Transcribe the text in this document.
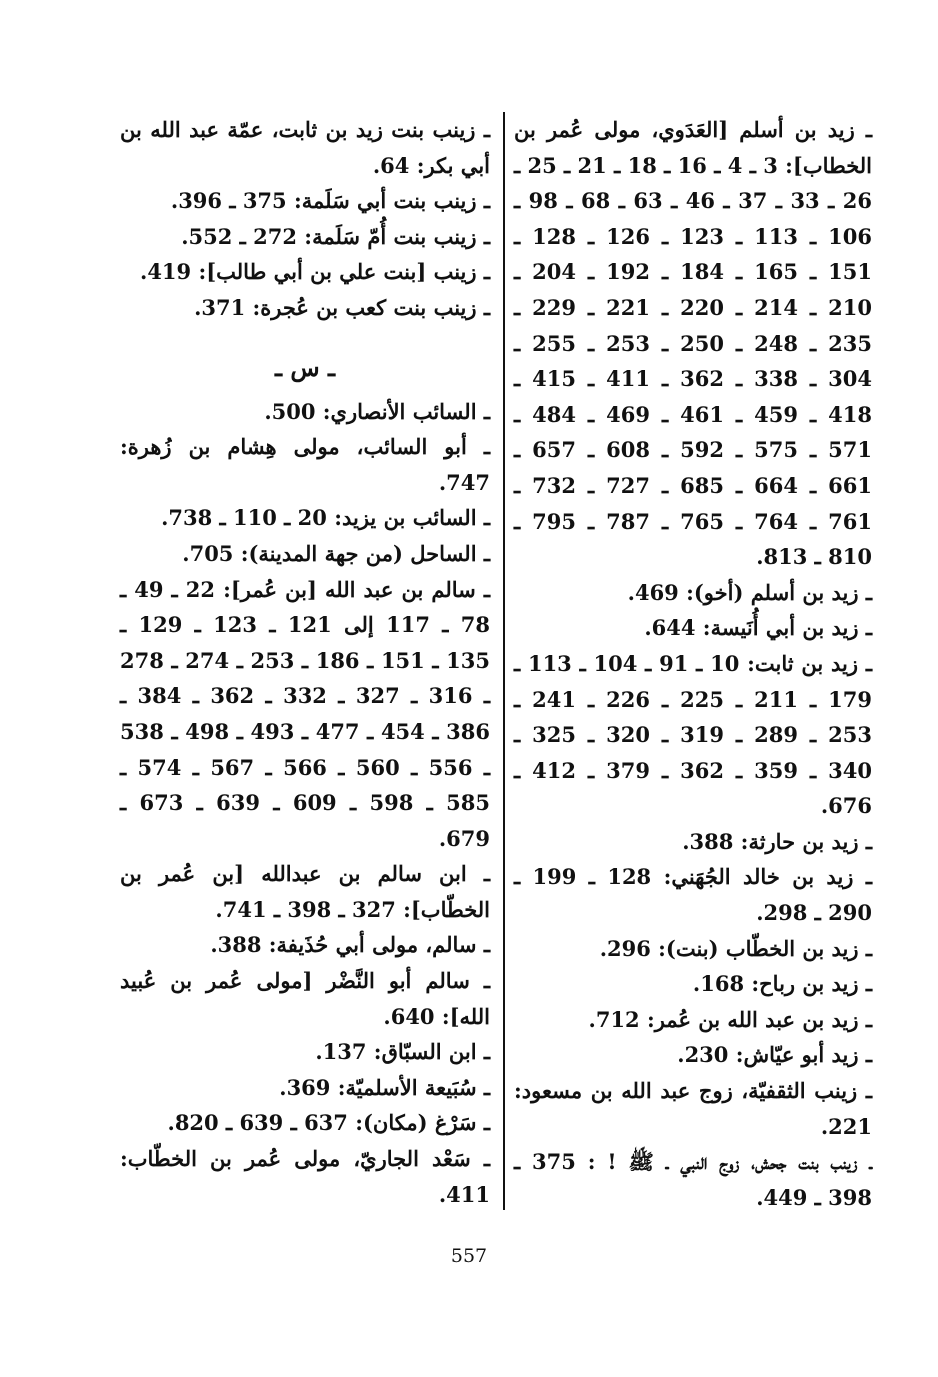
ـ زيد بن أسلم [العَدَوي، مولى عُمر بن الخطاب]: 3 ـ 4 ـ 16 ـ 18 ـ 21 ـ 25 ـ 26 ـ 33 ـ 37 ـ 46 ـ 63 ـ 68 ـ 98 ـ 106 ـ 113 ـ 123 ـ 126 ـ 128 ـ 151 ـ 165 ـ 184 ـ 192 ـ 204 ـ 210 ـ 214 ـ 220 ـ 221 ـ 229 ـ 235 ـ 248 ـ 250 ـ 253 ـ 255 ـ 304 ـ 338 ـ 362 ـ 411 ـ 415 ـ 418 ـ 459 ـ 461 ـ 469 ـ 484 ـ 571 ـ 575 ـ 592 ـ 608 ـ 657 ـ 661 ـ 664 ـ 685 ـ 727 ـ 732 ـ 761 ـ 764 ـ 765 ـ 787 ـ 795 ـ 810 ـ 813.

ـ زيد بن أسلم (أخو): 469.

ـ زيد بن أبي أُنَيسة: 644.

ـ زيد بن ثابت: 10 ـ 91 ـ 104 ـ 113 ـ 179 ـ 211 ـ 225 ـ 226 ـ 241 ـ 253 ـ 289 ـ 319 ـ 320 ـ 325 ـ 340 ـ 359 ـ 362 ـ 379 ـ 412 ـ 676.

ـ زيد بن حارثة: 388.

ـ زيد بن خالد الجُهَني: 128 ـ 199 ـ 290 ـ 298.

ـ زيد بن الخطّاب (بنت): 296.

ـ زيد بن رباح: 168.

ـ زيد بن عبد الله بن عُمر: 712.

ـ زيد أبو عيّاش: 230.

ـ زينب الثقفيّة، زوج عبد الله بن مسعود: 221.

ـ زينب بنت جحش، زوج النبي ـ ﷺ ! : 375 ـ 398 ـ 449.

ـ زينب بنت زيد بن ثابت، عمّة عبد الله بن أبي بكر: 64.

ـ زينب بنت أبي سَلَمة: 375 ـ 396.

ـ زينب بنت أُمّ سَلَمة: 272 ـ 552.

ـ زينب [بنت علي بن أبي طالب]: 419.

ـ زينب بنت كعب بن عُجرة: 371.

ـ س ـ

ـ السائب الأنصاري: 500.

ـ أبو السائب، مولى هِشام بن زُهرة: 747.

ـ السائب بن يزيد: 20 ـ 110 ـ 738.

ـ الساحل (من جهة المدينة): 705.

ـ سالم بن عبد الله [بن عُمر]: 22 ـ 49 ـ 78 ـ 117 إلى 121 ـ 123 ـ 129 ـ 135 ـ 151 ـ 186 ـ 253 ـ 274 ـ 278 ـ 316 ـ 327 ـ 332 ـ 362 ـ 384 ـ 386 ـ 454 ـ 477 ـ 493 ـ 498 ـ 538 ـ 556 ـ 560 ـ 566 ـ 567 ـ 574 ـ 585 ـ 598 ـ 609 ـ 639 ـ 673 ـ 679.

ـ ابن سالم بن عبدالله [بن عُمر بن الخطّاب]: 327 ـ 398 ـ 741.

ـ سالم، مولى أبي حُذَيفة: 388.

ـ سالم أبو النَّضْر [مولى عُمر بن عُبيد الله]: 640.

ـ ابن السبّاق: 137.

ـ سُبَيعة الأسلميّة: 369.

ـ سَرْغ (مكان): 637 ـ 639 ـ 820.

ـ سَعْد الجاريّ، مولى عُمر بن الخطّاب: 411.

557
